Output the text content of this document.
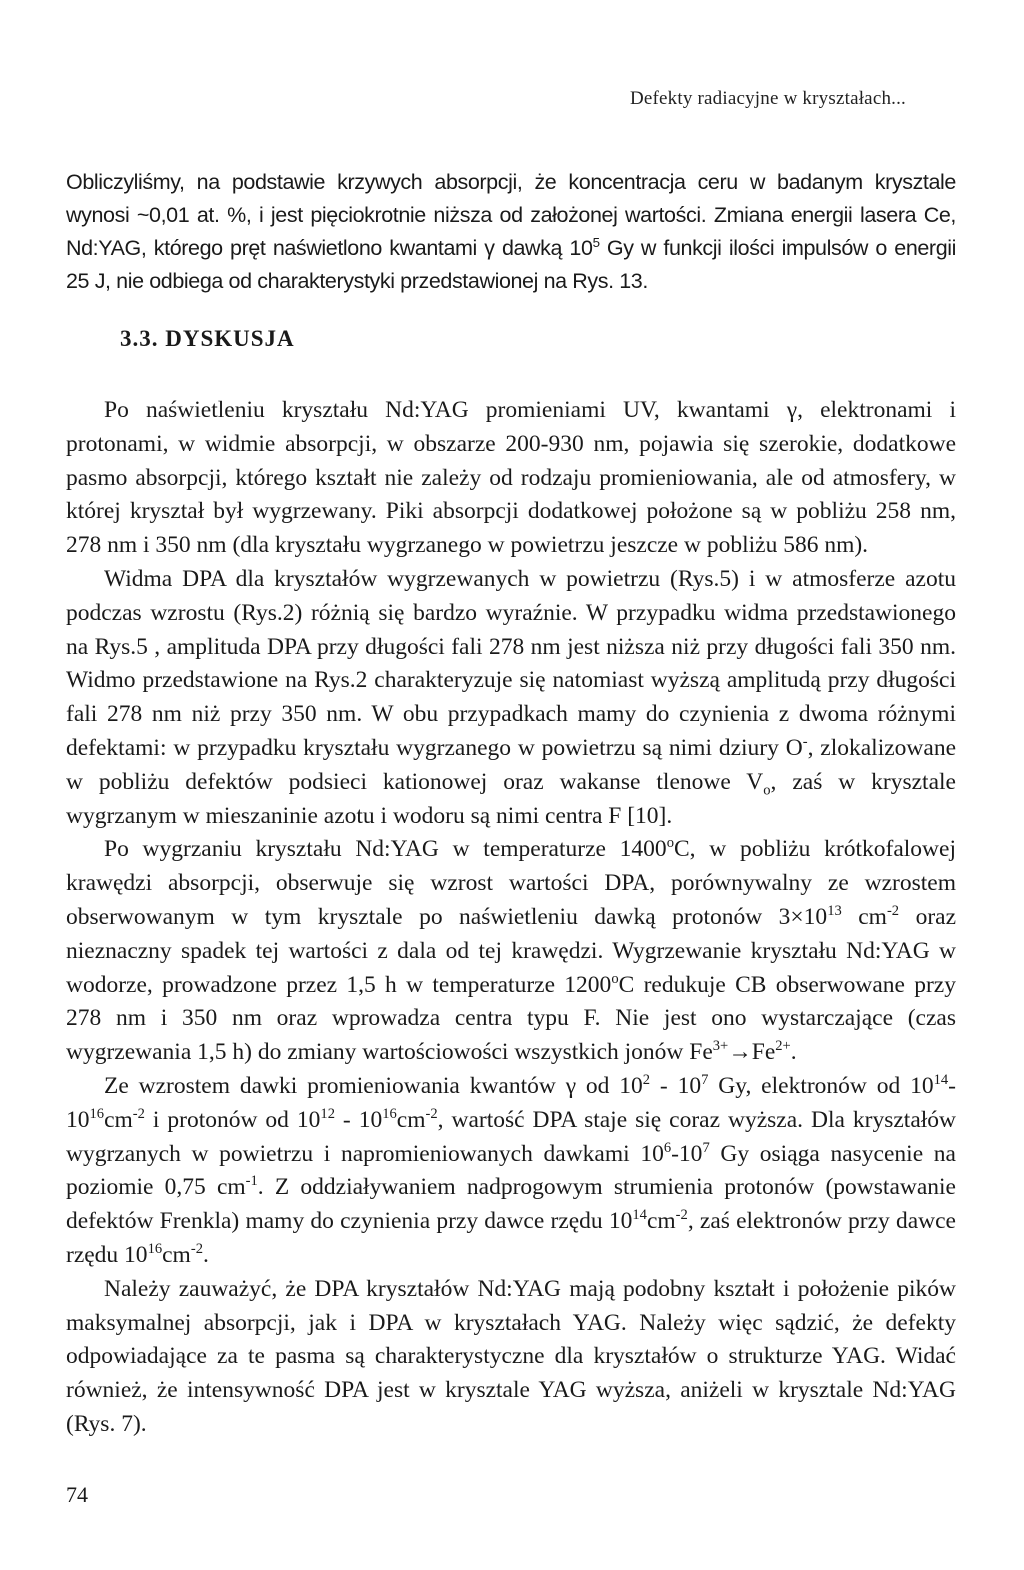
Defekty radiacyjne w kryształach...
Obliczyliśmy, na podstawie krzywych absorpcji, że koncentracja ceru w badanym krysztale wynosi ~0,01 at. %, i jest pięciokrotnie niższa od założonej wartości. Zmiana energii lasera Ce, Nd:YAG, którego pręt naświetlono kwantami γ dawką $10^5$ Gy w funkcji ilości impulsów o energii 25 J, nie odbiega od charakterystyki przedstawionej na Rys. 13.
3.3. DYSKUSJA

Po naświetleniu kryształu Nd:YAG promieniami UV, kwantami γ, elektronami i protonami, w widmie absorpcji, w obszarze 200-930 nm, pojawia się szerokie, dodatkowe pasmo absorpcji, którego kształt nie zależy od rodzaju promieniowania, ale od atmosfery, w której kryształ był wygrzewany. Piki absorpcji dodatkowej położone są w pobliżu 258 nm, 278 nm i 350 nm (dla kryształu wygrzanego w powietrzu jeszcze w pobliżu 586 nm).

Widma DPA dla kryształów wygrzewanych w powietrzu (Rys.5) i w atmosferze azotu podczas wzrostu (Rys.2) różnią się bardzo wyraźnie. W przypadku widma przedstawionego na Rys.5 , amplituda DPA przy długości fali 278 nm jest niższa niż przy długości fali 350 nm. Widmo przedstawione na Rys.2 charakteryzuje się natomiast wyższą amplitudą przy długości fali 278 nm niż przy 350 nm. W obu przypadkach mamy do czynienia z dwoma różnymi defektami: w przypadku kryształu wygrzanego w powietrzu są nimi dziury O-, zlokalizowane w pobliżu defektów podsieci kationowej oraz wakanse tlenowe $V_o$, zaś w krysztale wygrzanym w mieszaninie azotu i wodoru są nimi centra F [10].

Po wygrzaniu kryształu Nd:YAG w temperaturze 1400$^o$C, w pobliżu krótkofalowej krawędzi absorpcji, obserwuje się wzrost wartości DPA, porównywalny ze wzrostem obserwowanym w tym krysztale po naświetleniu dawką protonów $3\times 10^{13}$ $cm^{-2}$ oraz nieznaczny spadek tej wartości z dala od tej krawędzi. Wygrzewanie kryształu Nd:YAG w wodorze, prowadzone przez 1,5 h w temperaturze 1200$^o$C redukuje CB obserwowane przy 278 nm i 350 nm oraz wprowadza centra typu F. Nie jest ono wystarczające (czas wygrzewania 1,5 h) do zmiany wartościowości wszystkich jonów $Fe^{3+}\to Fe^{2+}$.

Ze wzrostem dawki promieniowania kwantów γ od $10^2 - 10^7$ Gy, elektronów od $10^{14}-10^{16}cm^{-2}$ i protonów od $10^{12} - 10^{16}cm^{-2}$, wartość DPA staje się coraz wyższa. Dla kryształów wygrzanych w powietrzu i napromieniowanych dawkami $10^6-10^7$ Gy osiąga nasycenie na poziomie 0,75 $cm^{-1}$. Z oddziaływaniem nadprogowym strumienia protonów (powstawanie defektów Frenkla) mamy do czynienia przy dawce rzędu $10^{14}cm^{-2}$, zaś elektronów przy dawce rzędu $10^{16}cm^{-2}$.

Należy zauważyć, że DPA kryształów Nd:YAG mają podobny kształt i położenie pików maksymalnej absorpcji, jak i DPA w kryształach YAG. Należy więc sądzić, że defekty odpowiadające za te pasma są charakterystyczne dla kryształów o strukturze YAG. Widać również, że intensywność DPA jest w krysztale YAG wyższa, aniżeli w krysztale Nd:YAG (Rys. 7).

74
